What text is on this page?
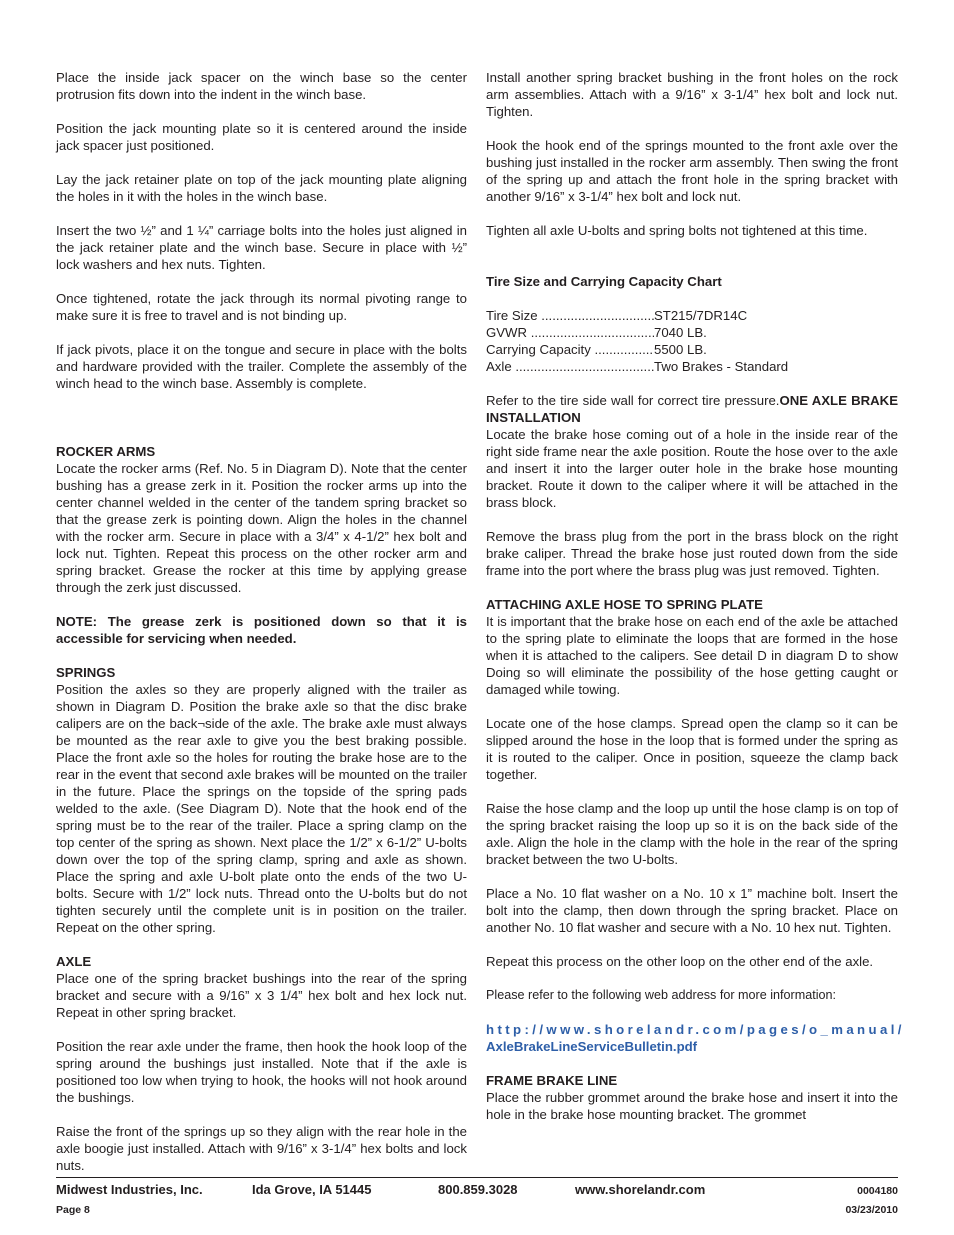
Place the inside jack spacer on the winch base so the center protrusion fits down into the indent in the winch base.

Position the jack mounting plate so it is centered around the inside jack spacer just positioned.

Lay the jack retainer plate on top of the jack mounting plate aligning the holes in it with the holes in the winch base.

Insert the two ½” and 1 ¼” carriage bolts into the holes just aligned in the jack retainer plate and the winch base. Secure in place with ½” lock washers and hex nuts. Tighten.

Once tightened, rotate the jack through its normal pivoting range to make sure it is free to travel and is not binding up.

If jack pivots, place it on the tongue and secure in place with the bolts and hardware provided with the trailer. Complete the assembly of the winch head to the winch base. Assembly is complete.

ROCKER ARMS

Locate the rocker arms (Ref. No. 5 in Diagram D). Note that the center bushing has a grease zerk in it. Position the rocker arms up into the center channel welded in the center of the tandem spring bracket so that the grease zerk is pointing down. Align the holes in the channel with the rocker arm. Secure in place with a 3/4” x 4-1/2” hex bolt and lock nut. Tighten. Repeat this process on the other rocker arm and spring bracket. Grease the rocker at this time by applying grease through the zerk just discussed.

NOTE: The grease zerk is positioned down so that it is accessible for servicing when needed.

SPRINGS

Position the axles so they are properly aligned with the trailer as shown in Diagram D. Position the brake axle so that the disc brake calipers are on the back¬side of the axle. The brake axle must always be mounted as the rear axle to give you the best braking possible. Place the front axle so the holes for routing the brake hose are to the rear in the event that second axle brakes will be mounted on the trailer in the future. Place the springs on the topside of the spring pads welded to the axle. (See Diagram D). Note that the hook end of the spring must be to the rear of the trailer. Place a spring clamp on the top center of the spring as shown. Next place the 1/2” x 6-1/2” U-bolts down over the top of the spring clamp, spring and axle as shown. Place the spring and axle U-bolt plate onto the ends of the two U-bolts. Secure with 1/2” lock nuts. Thread onto the U-bolts but do not tighten securely until the complete unit is in position on the trailer. Repeat on the other spring.

AXLE

Place one of the spring bracket bushings into the rear of the spring bracket and secure with a 9/16” x 3 1/4” hex bolt and hex lock nut. Repeat in other spring bracket.

Position the rear axle under the frame, then hook the hook loop of the spring around the bushings just installed. Note that if the axle is positioned too low when trying to hook, the hooks will not hook around the bushings.

Raise the front of the springs up so they align with the rear hole in the axle boogie just installed. Attach with 9/16” x 3-1/4” hex bolts and lock nuts.

Install another spring bracket bushing in the front holes on the rock arm assemblies. Attach with a 9/16” x 3-1/4” hex bolt and lock nut. Tighten.

Hook the hook end of the springs mounted to the front axle over the bushing just installed in the rocker arm assembly. Then swing the front of the spring up and attach the front hole in the spring bracket with another 9/16” x 3-1/4” hex bolt and lock nut.

Tighten all axle U-bolts and spring bolts not tightened at this time.

Tire Size and Carrying Capacity Chart

Tire Size .....	ST215/7DR14C
GVWR .....	7040 LB.
Carrying Capacity .....	5500 LB.
Axle .....	Two Brakes - Standard
Refer to the tire side wall for correct tire pressure.ONE AXLE BRAKE INSTALLATION

Locate the brake hose coming out of a hole in the inside rear of the right side frame near the axle position. Route the hose over to the axle and insert it into the larger outer hole in the brake hose mounting bracket. Route it down to the caliper where it will be attached in the brass block.

Remove the brass plug from the port in the brass block on the right brake caliper. Thread the brake hose just routed down from the side frame into the port where the brass plug was just removed. Tighten.

ATTACHING AXLE HOSE TO SPRING PLATE

It is important that the brake hose on each end of the axle be attached to the spring plate to eliminate the loops that are formed in the hose when it is attached to the calipers. See detail D in diagram D to show Doing so will eliminate the possibility of the hose getting caught or damaged while towing.

Locate one of the hose clamps. Spread open the clamp so it can be slipped around the hose in the loop that is formed under the spring as it is routed to the caliper. Once in position, squeeze the clamp back together.

Raise the hose clamp and the loop up until the hose clamp is on top of the spring bracket raising the loop up so it is on the back side of the axle. Align the hole in the clamp with the hole in the rear of the spring bracket between the two U-bolts.

Place a No. 10 flat washer on a No. 10 x 1” machine bolt. Insert the bolt into the clamp, then down through the spring bracket. Place on another No. 10 flat washer and secure with a No. 10 hex nut. Tighten.

Repeat this process on the other loop on the other end of the axle.

Please refer to the following web address for more information:

http://www.shorelandr.com/pages/o_manual/
AxleBrakeLineServiceBulletin.pdf
FRAME BRAKE LINE

Place the rubber grommet around the brake hose and insert it into the hole in the brake hose mounting bracket. The grommet

Midwest Industries, Inc.	Ida Grove, IA 51445	800.859.3028	www.shorelandr.com	0004180
Page 8	03/23/2010
